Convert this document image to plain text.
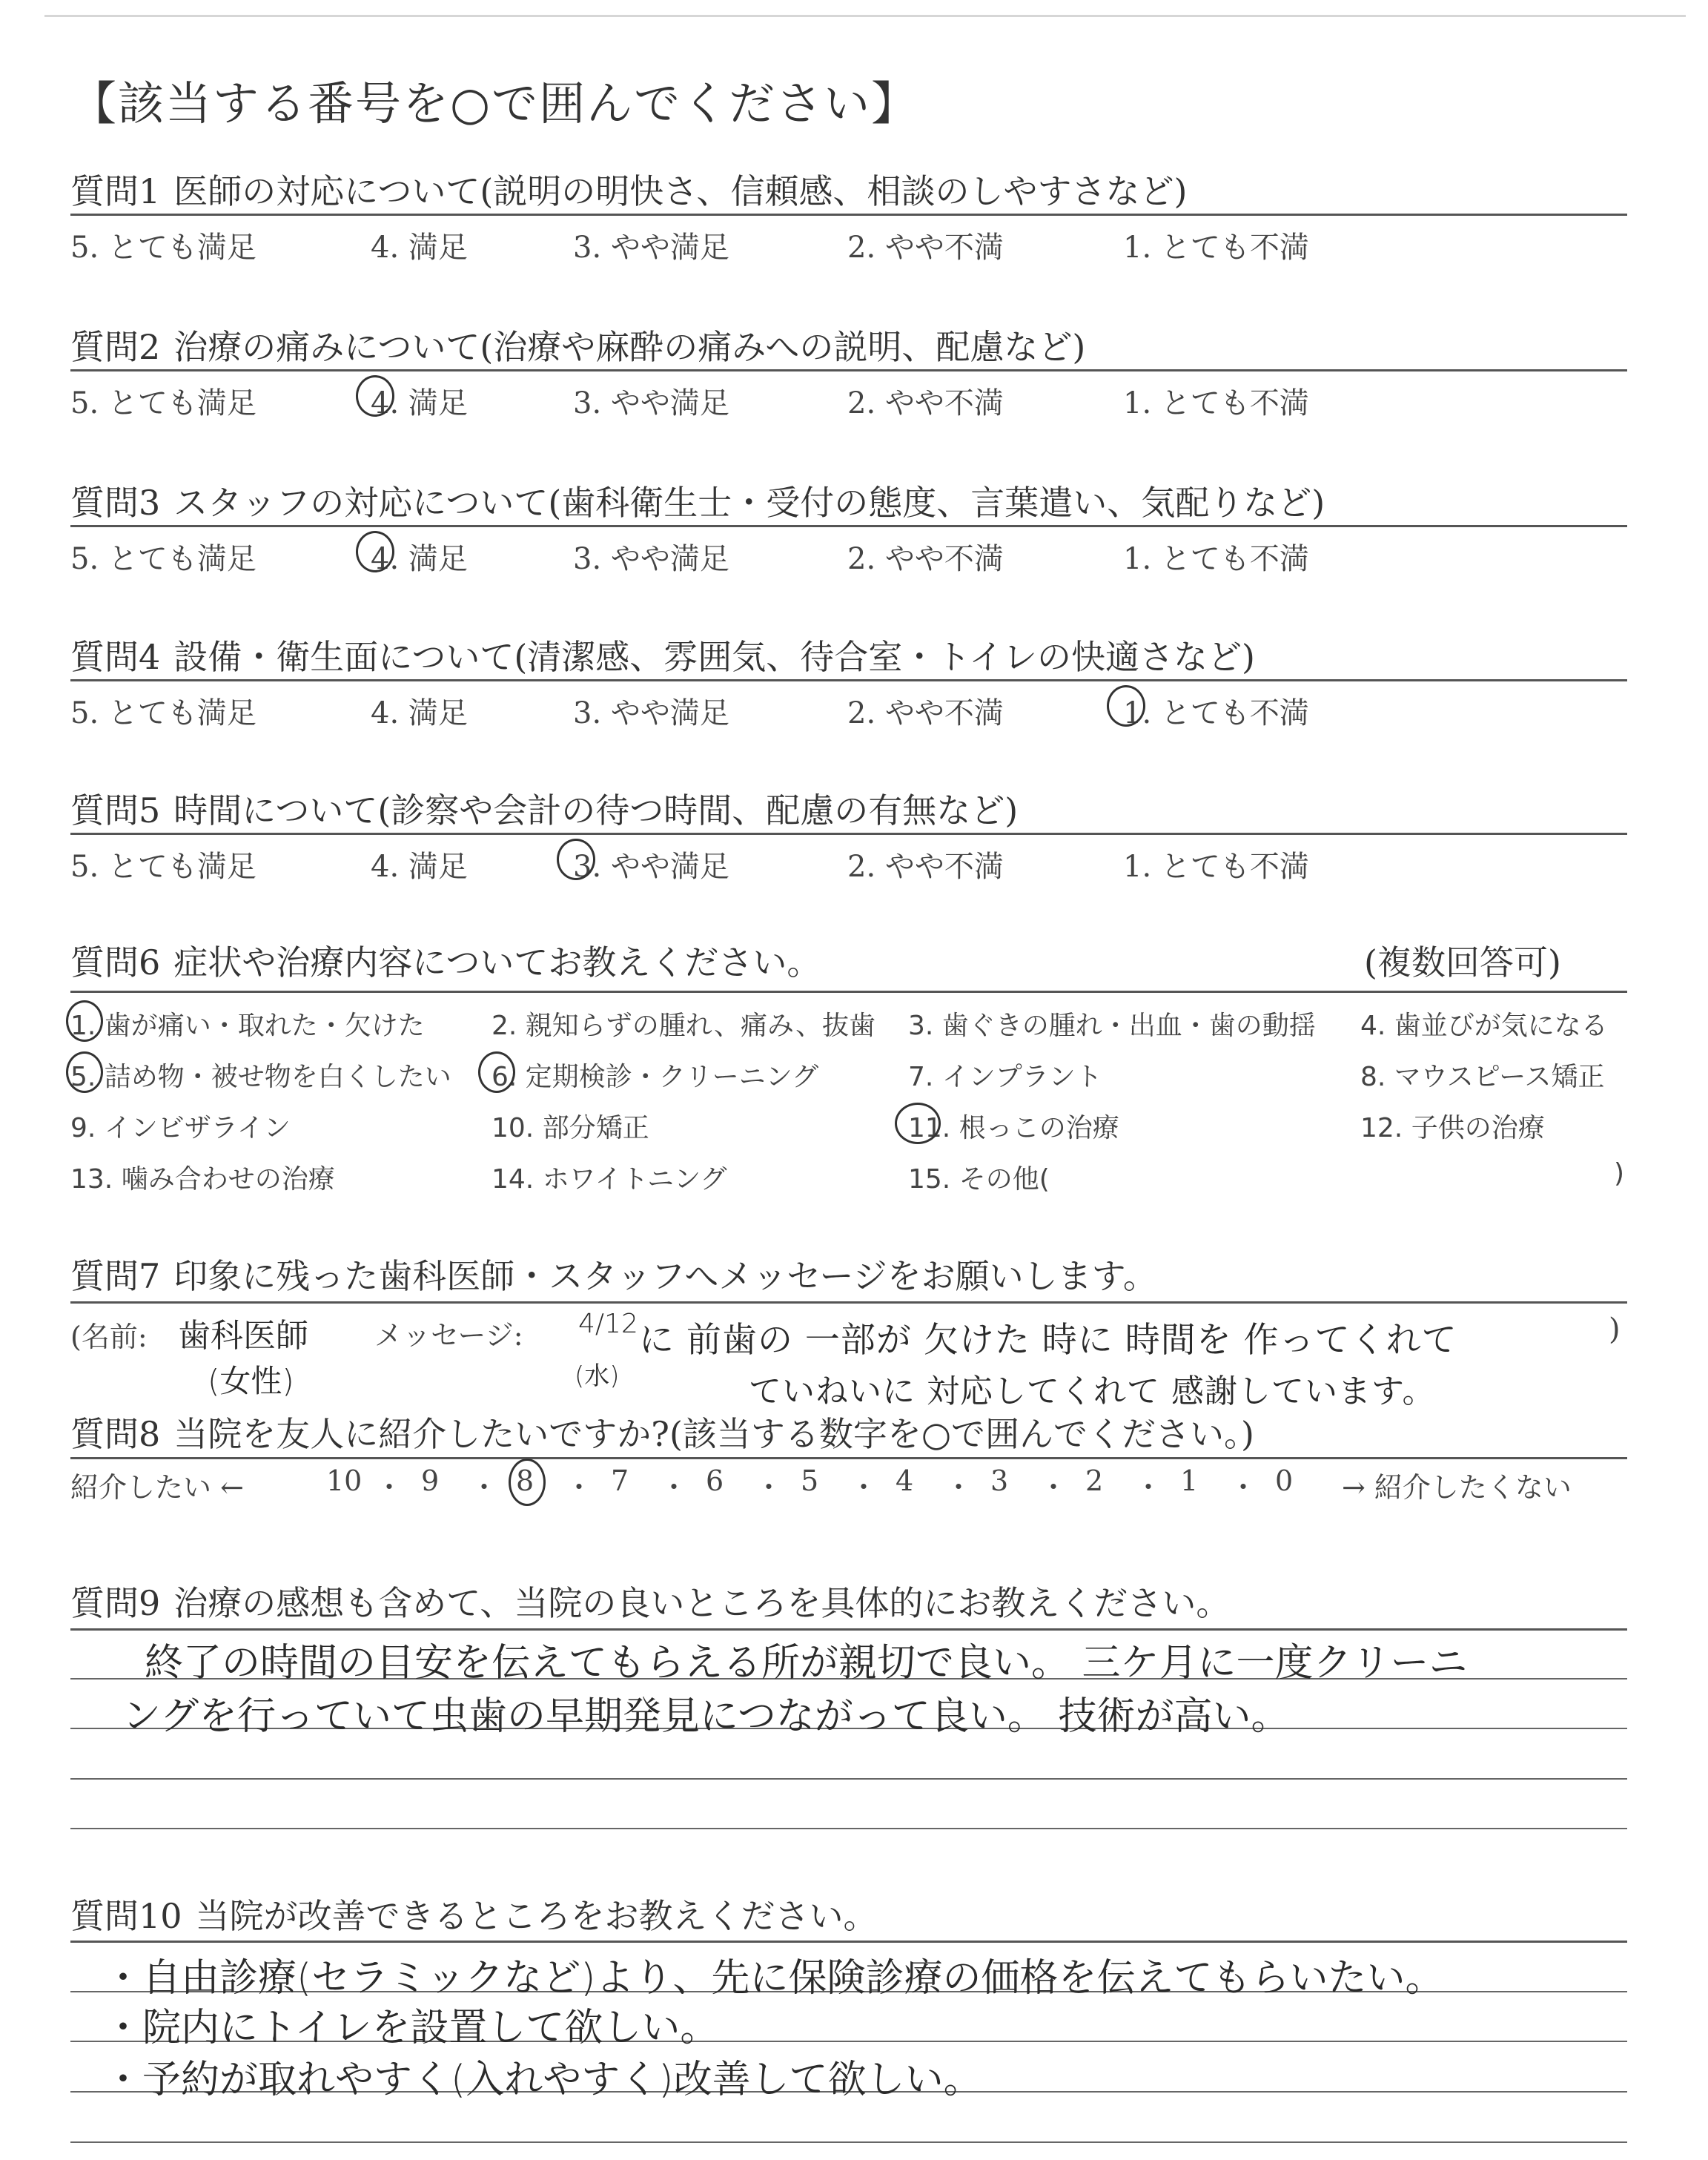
【該当する番号を○で囲んでください】
質問1 医師の対応について(説明の明快さ、信頼感、相談のしやすさなど)
5. とても満足	4. 満足	3. やや満足	2. やや不満	1. とても不満
質問2 治療の痛みについて(治療や麻酔の痛みへの説明、配慮など)
5. とても満足	4. 満足	3. やや満足	2. やや不満	1. とても不満
質問3 スタッフの対応について(歯科衛生士・受付の態度、言葉遣い、気配りなど)
5. とても満足	4. 満足	3. やや満足	2. やや不満	1. とても不満
質問4 設備・衛生面について(清潔感、雰囲気、待合室・トイレの快適さなど)
5. とても満足	4. 満足	3. やや満足	2. やや不満	1. とても不満
質問5 時間について(診察や会計の待つ時間、配慮の有無など)
5. とても満足	4. 満足	3. やや満足	2. やや不満	1. とても不満
質問6 症状や治療内容についてお教えください。	(複数回答可)
1. 歯が痛い・取れた・欠けた	2. 親知らずの腫れ、痛み、抜歯 3. 歯ぐきの腫れ・出血・歯の動揺 4. 歯並びが気になる
5. 詰め物・被せ物を白くしたい 6. 定期検診・クリーニング	7. インプラント	8. マウスピース矯正
9. インビザライン	10. 部分矯正	11. 根っこの治療	12. 子供の治療
13. 噛み合わせの治療	14. ホワイトニング	15. その他(	)
質問7 印象に残った歯科医師・スタッフへメッセージをお願いします。
(名前: 歯科医師
(女性)
メッセージ: 4/12
(水)
に 前歯の 一部が 欠けた 時に 時間を 作ってくれて
ていねいに 対応してくれて 感謝しています。
)
質問8 当院を友人に紹介したいですか?(該当する数字を○で囲んでください。)
紹介したい ←	→ 紹介したくない
10 ・ 9 ・ 8 ・ 7 ・ 6 ・ 5 ・ 4 ・ 3 ・ 2 ・ 1 ・ 0
質問9 治療の感想も含めて、当院の良いところを具体的にお教えください。
終了の時間の目安を伝えてもらえる所が親切で良い。 三ケ月に一度クリーニ
ングを行っていて虫歯の早期発見につながって良い。 技術が高い。
質問10 当院が改善できるところをお教えください。
・自由診療(セラミックなど)より、先に保険診療の価格を伝えてもらいたい。
・院内にトイレを設置して欲しい。
・予約が取れやすく(入れやすく)改善して欲しい。
